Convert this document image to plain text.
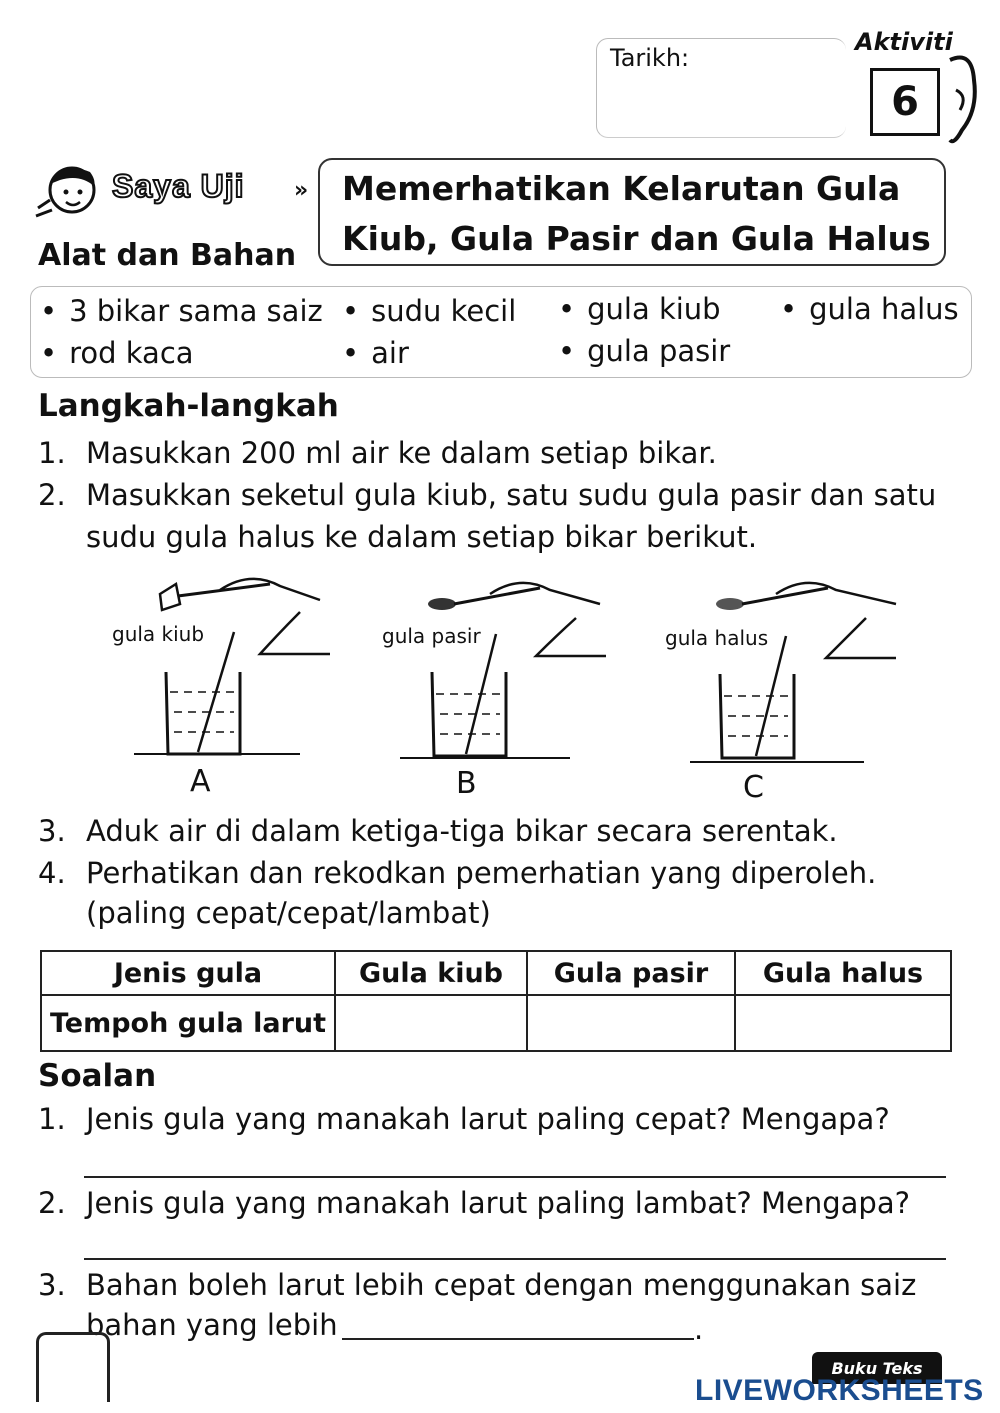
Tarikh:
Aktiviti
6
Saya Uji » Memerhatikan Kelarutan Gula
Kiub, Gula Pasir dan Gula Halus
Alat dan Bahan
• 3 bikar sama saiz	• sudu kecil	• gula kiub	• gula halus
• rod kaca	• air	• gula pasir
Langkah-langkah
1. Masukkan 200 ml air ke dalam setiap bikar.
2. Masukkan seketul gula kiub, satu sudu gula pasir dan satu
sudu gula halus ke dalam setiap bikar berikut.
gula kiub	gula pasir	gula halus
A	B	C
3. Aduk air di dalam ketiga-tiga bikar secara serentak.
4. Perhatikan dan rekodkan pemerhatian yang diperoleh.
(paling cepat/cepat/lambat)
Jenis gula	Gula kiub	Gula pasir	Gula halus
Tempoh gula larut
Soalan
1. Jenis gula yang manakah larut paling cepat? Mengapa?
2. Jenis gula yang manakah larut paling lambat? Mengapa?
3. Bahan boleh larut lebih cepat dengan menggunakan saiz
bahan yang lebih	.
Buku Teks
LIVEWORKSHEETS
